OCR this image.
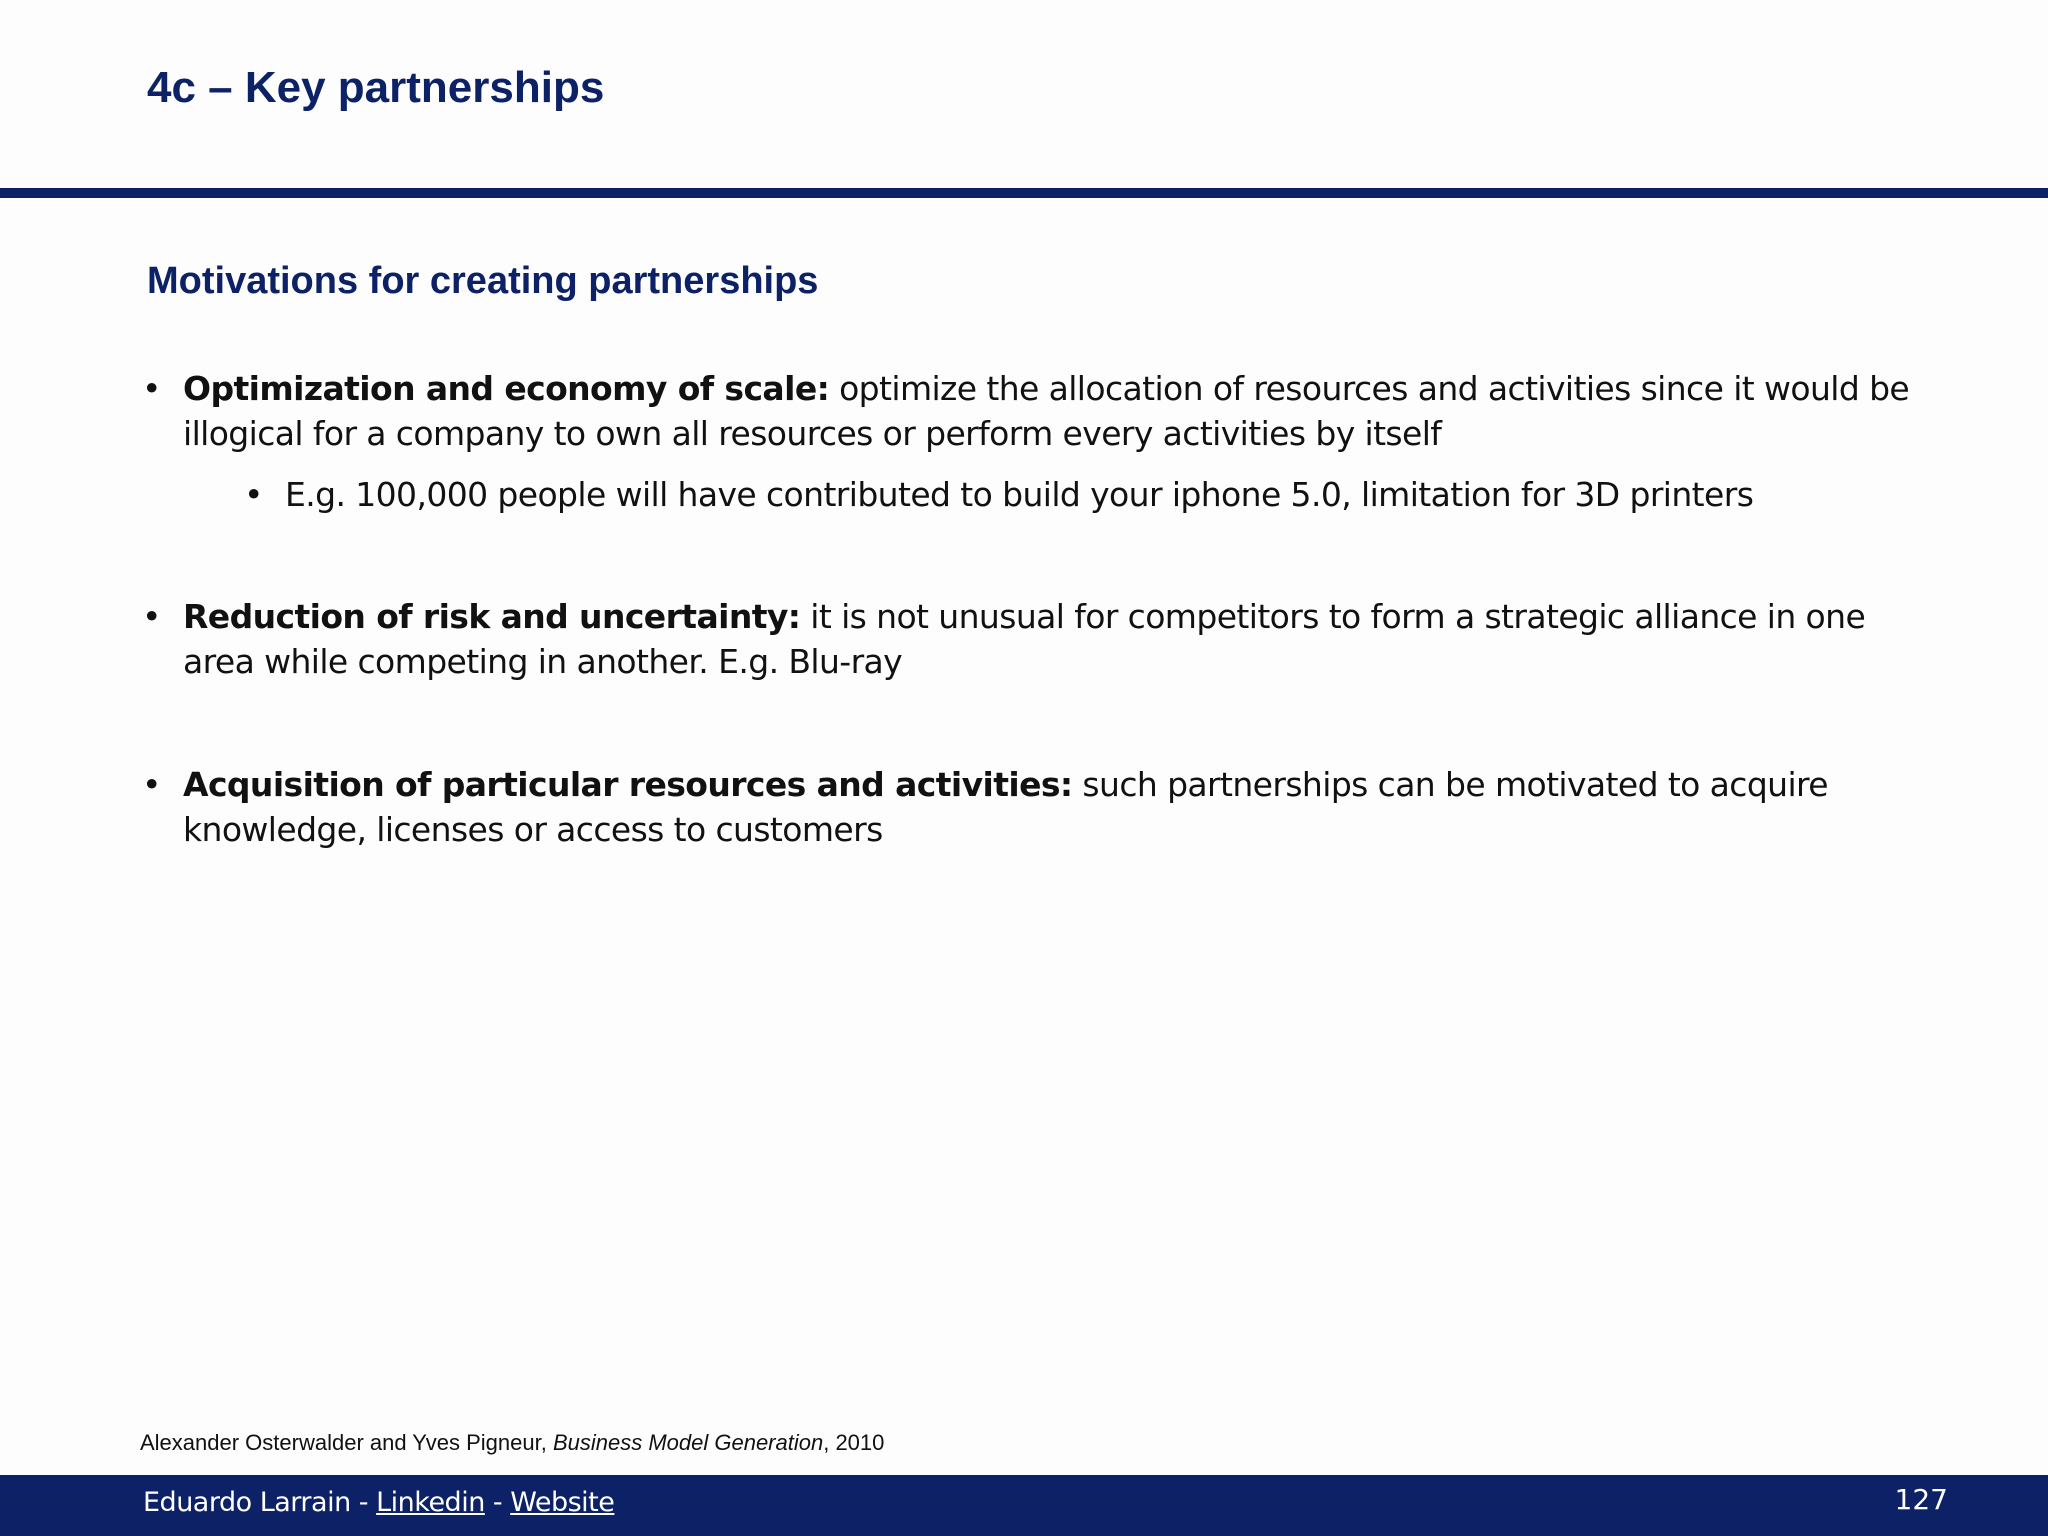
4c – Key partnerships
Motivations for creating partnerships
• Optimization and economy of scale: optimize the allocation of resources and activities since it would be illogical for a company to own all resources or perform every activities by itself
• E.g. 100,000 people will have contributed to build your iphone 5.0, limitation for 3D printers
• Reduction of risk and uncertainty: it is not unusual for competitors to form a strategic alliance in one area while competing in another. E.g. Blu-ray
• Acquisition of particular resources and activities: such partnerships can be motivated to acquire knowledge, licenses or access to customers
Alexander Osterwalder and Yves Pigneur, Business Model Generation, 2010
Eduardo Larrain - Linkedin - Website	127
